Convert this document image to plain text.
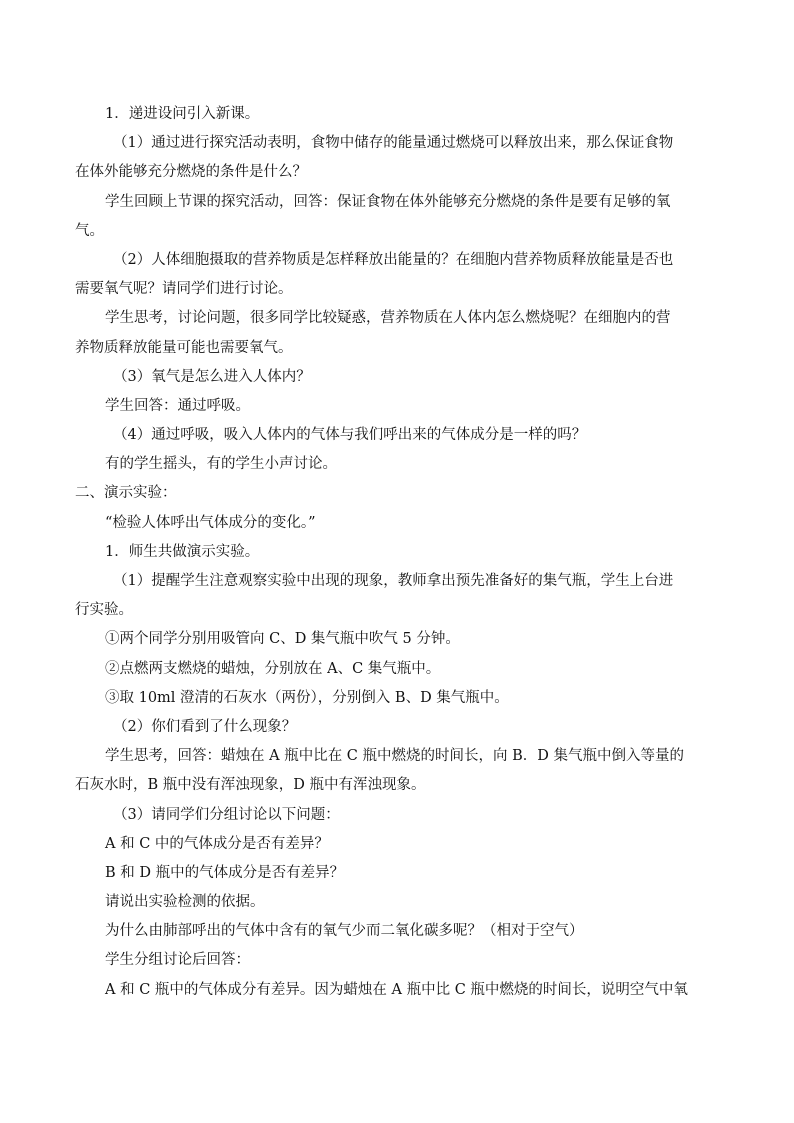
1．递进设问引入新课。
（1）通过进行探究活动表明，食物中储存的能量通过燃烧可以释放出来，那么保证食物
在体外能够充分燃烧的条件是什么？
学生回顾上节课的探究活动，回答：保证食物在体外能够充分燃烧的条件是要有足够的氧
气。
（2）人体细胞摄取的营养物质是怎样释放出能量的？在细胞内营养物质释放能量是否也
需要氧气呢？请同学们进行讨论。
学生思考，讨论问题，很多同学比较疑惑，营养物质在人体内怎么燃烧呢？在细胞内的营
养物质释放能量可能也需要氧气。
（3）氧气是怎么进入人体内？
学生回答：通过呼吸。
（4）通过呼吸，吸入人体内的气体与我们呼出来的气体成分是一样的吗？
有的学生摇头，有的学生小声讨论。
二、演示实验：
“检验人体呼出气体成分的变化。”
1．师生共做演示实验。
（1）提醒学生注意观察实验中出现的现象，教师拿出预先准备好的集气瓶，学生上台进
行实验。
①两个同学分别用吸管向 C、D 集气瓶中吹气 5 分钟。
②点燃两支燃烧的蜡烛，分别放在 A、C 集气瓶中。
③取 10ml 澄清的石灰水（两份），分别倒入 B、D 集气瓶中。
（2）你们看到了什么现象？
学生思考，回答：蜡烛在 A 瓶中比在 C 瓶中燃烧的时间长，向 B．D 集气瓶中倒入等量的
石灰水时，B 瓶中没有浑浊现象，D 瓶中有浑浊现象。
（3）请同学们分组讨论以下问题：
A 和 C 中的气体成分是否有差异？
B 和 D 瓶中的气体成分是否有差异？
请说出实验检测的依据。
为什么由肺部呼出的气体中含有的氧气少而二氧化碳多呢？（相对于空气）
学生分组讨论后回答：
A 和 C 瓶中的气体成分有差异。因为蜡烛在 A 瓶中比 C 瓶中燃烧的时间长，说明空气中氧
